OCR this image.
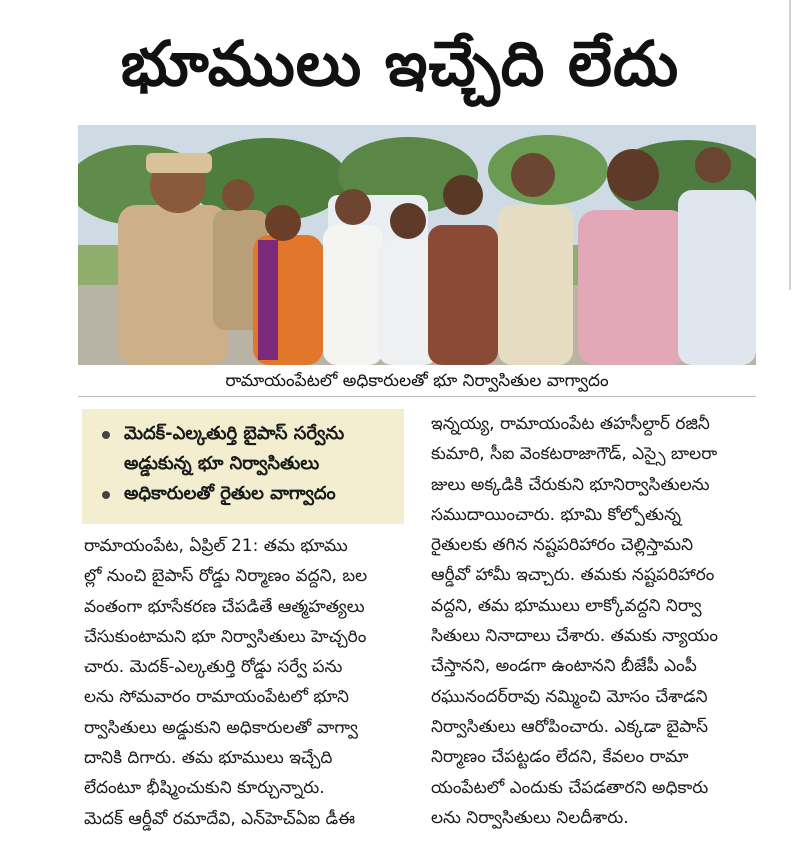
భూములు ఇచ్చేది లేదు
రామాయంపేటలో అధికారులతో భూ నిర్వాసితుల వాగ్వాదం
మెదక్-ఎల్కతుర్తి బైపాస్ సర్వేను అడ్డుకున్న భూ నిర్వాసితులు
అధికారులతో రైతుల వాగ్వాదం
రామాయంపేట, ఏప్రిల్ 21: తమ భూము
ల్లో నుంచి బైపాస్ రోడ్డు నిర్మాణం వద్దని, బల
వంతంగా భూసేకరణ చేపడితే ఆత్మహత్యలు
చేసుకుంటామని భూ నిర్వాసితులు హెచ్చరిం
చారు. మెదక్-ఎల్కతుర్తి రోడ్డు సర్వే పను
లను సోమవారం రామాయంపేటలో భూని
ర్వాసితులు అడ్డుకుని అధికారులతో వాగ్వా
దానికి దిగారు. తమ భూములు ఇచ్చేది
లేదంటూ భీష్మించుకుని కూర్చున్నారు.
మెదక్ ఆర్డీవో రమాదేవి, ఎన్‌హెచ్‌ఏఐ డీఈ
ఇన్నయ్య, రామాయంపేట తహసీల్దార్ రజినీ
కుమారి, సీఐ వెంకటరాజాగౌడ్, ఎస్సై బాలరా
జులు అక్కడికి చేరుకుని భూనిర్వాసితులను
సముదాయించారు. భూమి కోల్పోతున్న
రైతులకు తగిన నష్టపరిహారం చెల్లిస్తామని
ఆర్డీవో హామీ ఇచ్చారు. తమకు నష్టపరిహారం
వద్దని, తమ భూములు లాక్కోవద్దని నిర్వా
సితులు నినాదాలు చేశారు. తమకు న్యాయం
చేస్తానని, అండగా ఉంటానని బీజేపీ ఎంపీ
రఘునందర్‌రావు నమ్మించి మోసం చేశాడని
నిర్వాసితులు ఆరోపించారు. ఎక్కడా బైపాస్
నిర్మాణం చేపట్టడం లేదని, కేవలం రామా
యంపేటలో ఎందుకు చేపడతారని అధికారు
లను నిర్వాసితులు నిలదీశారు.
